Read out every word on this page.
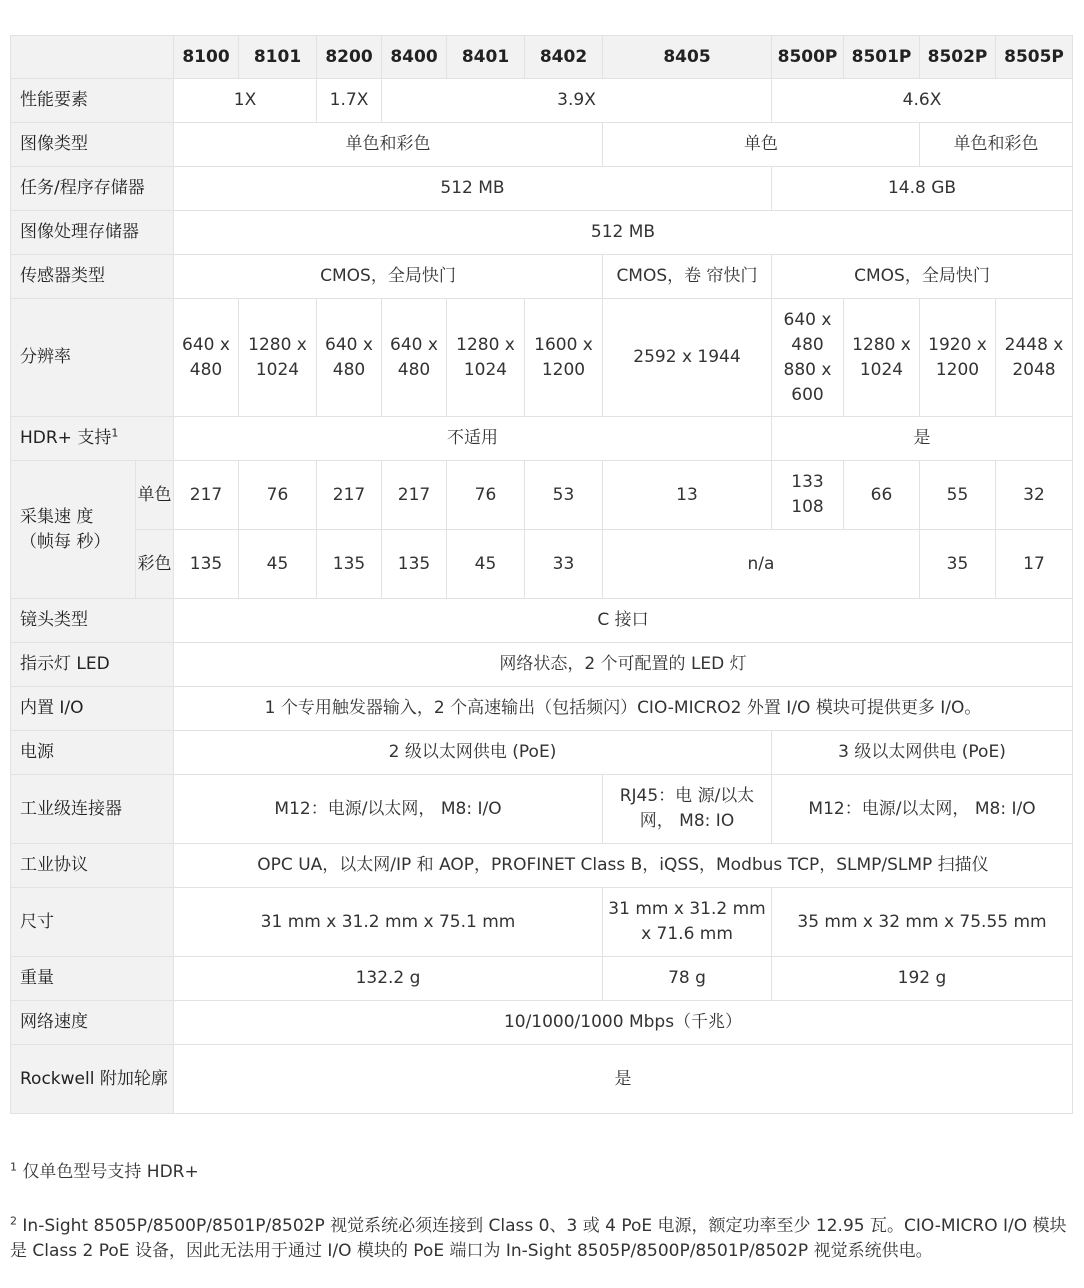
		8100	8101	8200	8400	8401	8402	8405	8500P	8501P	8502P	8505P
性能要素		1X		1.7X	3.9X				4.6X			
图像类型		单色和彩色						单色			单色和彩色	
任务/程序存储器		512 MB							14.8 GB			
图像处理存储器		512 MB										
传感器类型		CMOS，全局快门						CMOS，卷 帘快门	CMOS，全局快门			
分辨率		640 x 480	1280 x 1024	640 x 480	640 x 480	1280 x 1024	1600 x 1200	2592 x 1944	640 x 480 880 x 600	1280 x 1024	1920 x 1200	2448 x 2048
HDR+ 支持$^1$		不适用							是			
采集速 度 （帧每 秒）	单色	217	76	217	217	76	53	13	133 108	66	55	32
	彩色	135	45	135	135	45	33	n/a			35	17
镜头类型		C 接口										
指示灯 LED		网络状态，2 个可配置的 LED 灯										
内置 I/O		1 个专用触发器输入，2 个高速输出（包括频闪）CIO-MICRO2 外置 I/O 模块可提供更多 I/O。										
电源		2 级以太网供电 (PoE)							3 级以太网供电 (PoE)			
工业级连接器		M12：电源/以太网， M8: I/O						RJ45：电 源/以太网， M8: IO	M12：电源/以太网， M8: I/O			
工业协议		OPC UA，以太网/IP 和 AOP，PROFINET Class B，iQSS，Modbus TCP，SLMP/SLMP 扫描仪										
尺寸		31 mm x 31.2 mm x 75.1 mm						31 mm x 31.2 mm x 71.6 mm	35 mm x 32 mm x 75.55 mm			
重量		132.2 g						78 g	192 g			
网络速度		10/1000/1000 Mbps（千兆）										
Rockwell 附加轮廓		是										

$^1$ 仅单色型号支持 HDR+

$^2$ In-Sight 8505P/8500P/8501P/8502P 视觉系统必须连接到 Class 0、3 或 4 PoE 电源，额定功率至少 12.95 瓦。CIO-MICRO I/O 模块是 Class 2 PoE 设备，因此无法用于通过 I/O 模块的 PoE 端口为 In-Sight 8505P/8500P/8501P/8502P 视觉系统供电。
